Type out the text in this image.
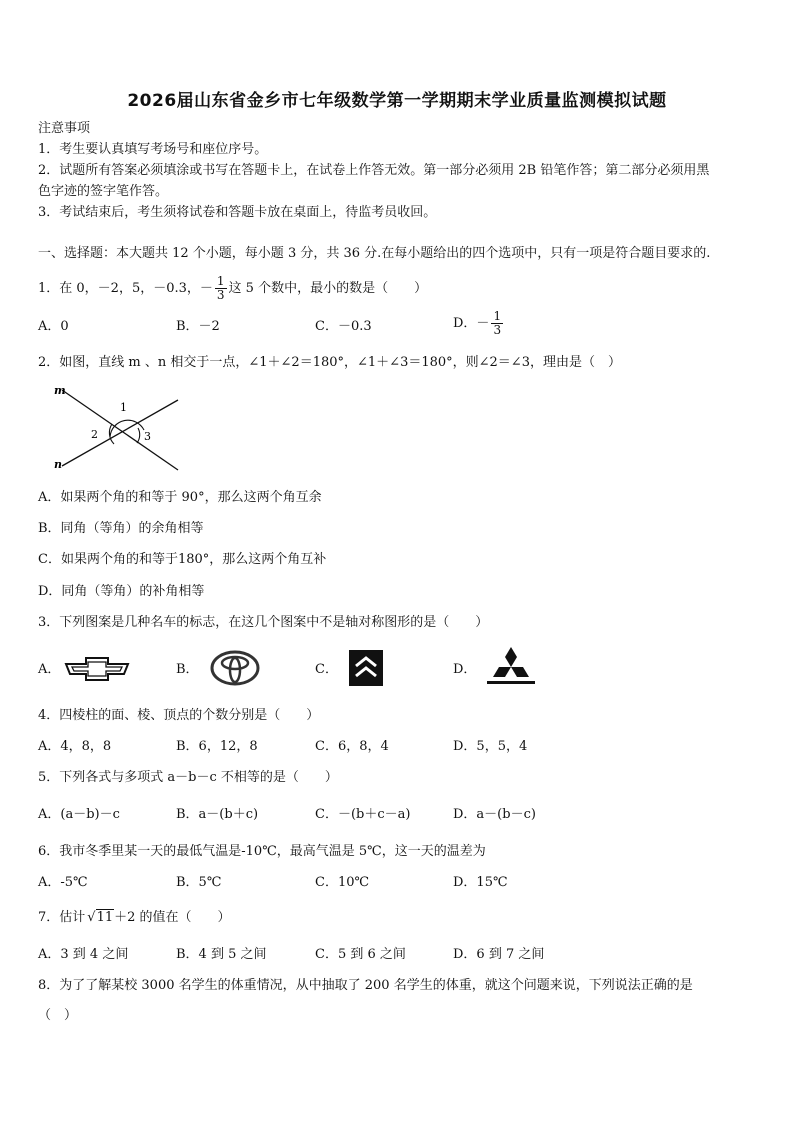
2026届山东省金乡市七年级数学第一学期期末学业质量监测模拟试题
注意事项
1．考生要认真填写考场号和座位序号。
2．试题所有答案必须填涂或书写在答题卡上，在试卷上作答无效。第一部分必须用 2B 铅笔作答；第二部分必须用黑
色字迹的签字笔作答。
3．考试结束后，考生须将试卷和答题卡放在桌面上，待监考员收回。
一、选择题：本大题共 12 个小题，每小题 3 分，共 36 分.在每小题给出的四个选项中，只有一项是符合题目要求的.
1．在 0，－2，5，－0.3，－ $\frac{1}{3}$ 这 5 个数中，最小的数是（　　）
A．0	B．－2	C．－0.3	D．－ $\frac{1}{3}$
2．如图，直线 m 、n 相交于一点，∠1＋∠2＝180°，∠1＋∠3＝180°，则∠2＝∠3，理由是（　）
m
n
1
2	3
A．如果两个角的和等于 90°，那么这两个角互余
B．同角（等角）的余角相等
C．如果两个角的和等于180°，那么这两个角互补
D．同角（等角）的补角相等
3．下列图案是几种名车的标志，在这几个图案中不是轴对称图形的是（　　）
A．	B．	C．	D．
4．四棱柱的面、棱、顶点的个数分别是（　　）
A．4，8，8	B．6，12，8	C．6，8，4	D．5，5，4
5．下列各式与多项式 a－b－c 不相等的是（　　）
A．(a－b)－c	B．a－(b＋c)	C．－(b＋c－a)	D．a－(b－c)
6．我市冬季里某一天的最低气温是-10℃，最高气温是 5℃，这一天的温差为
A．-5℃	B．5℃	C．10℃	D．15℃
7．估计 √11＋2 的值在（　　）
A．3 到 4 之间	B．4 到 5 之间	C．5 到 6 之间	D．6 到 7 之间
8．为了了解某校 3000 名学生的体重情况，从中抽取了 200 名学生的体重，就这个问题来说，下列说法正确的是
（　）
